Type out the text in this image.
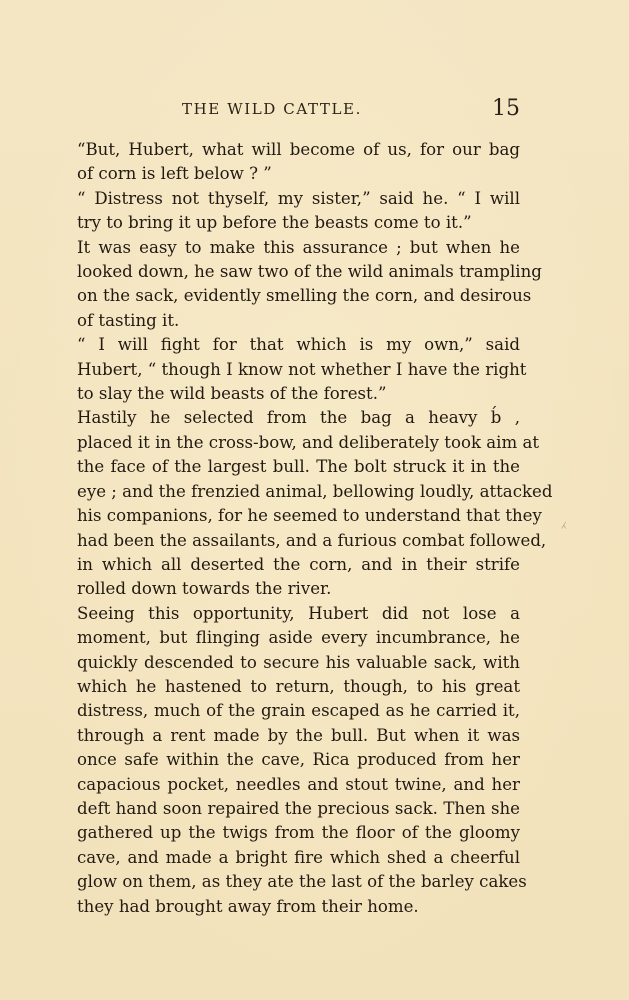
THE WILD CATTLE.	15

“But, Hubert, what will become of us, for our bag
of corn is left below ? ”

“ Distress not thyself, my sister,” said he. “ I will
try to bring it up before the beasts come to it.”

It was easy to make this assurance ; but when he
looked down, he saw two of the wild animals trampling
on the sack, evidently smelling the corn, and desirous
of tasting it.

“ I will fight for that which is my own,” said
Hubert, “ though I know not whether I have the right
to slay the wild beasts of the forest.”

Hastily he selected from the bag a heavy b́ ,
placed it in the cross-bow, and deliberately took aim at
the face of the largest bull. The bolt struck it in the
eye ; and the frenzied animal, bellowing loudly, attacked
his companions, for he seemed to understand that they
had been the assailants, and a furious combat followed,
in which all deserted the corn, and in their strife
rolled down towards the river.

Seeing this opportunity, Hubert did not lose a
moment, but flinging aside every incumbrance, he
quickly descended to secure his valuable sack, with
which he hastened to return, though, to his great
distress, much of the grain escaped as he carried it,
through a rent made by the bull. But when it was
once safe within the cave, Rica produced from her
capacious pocket, needles and stout twine, and her
deft hand soon repaired the precious sack. Then she
gathered up the twigs from the floor of the gloomy
cave, and made a bright fire which shed a cheerful
glow on them, as they ate the last of the barley cakes
they had brought away from their home.

⁁
